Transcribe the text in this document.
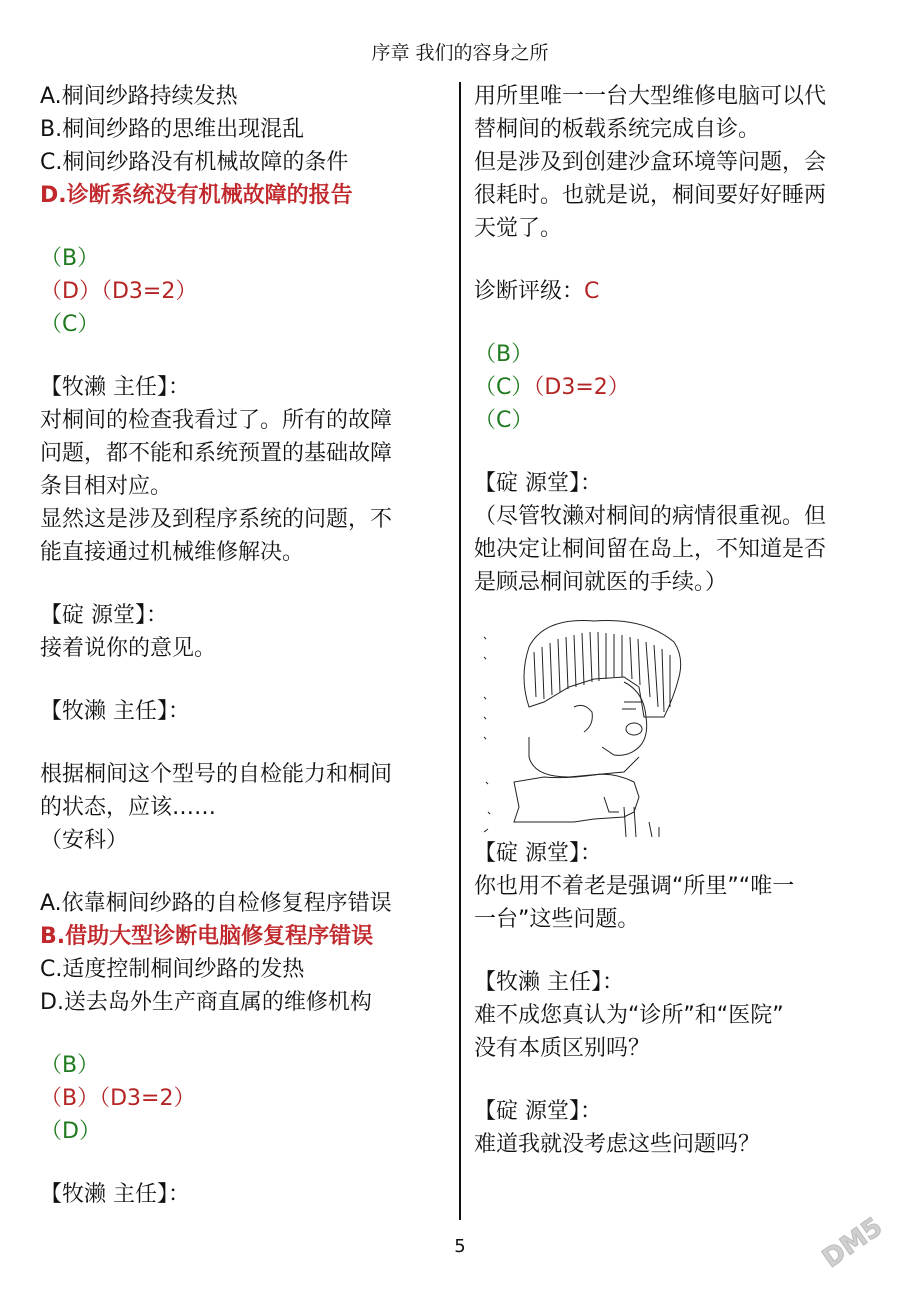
序章 我们的容身之所
A.桐间纱路持续发热
B.桐间纱路的思维出现混乱
C.桐间纱路没有机械故障的条件
D.诊断系统没有机械故障的报告
（B）
（D）（D3=2）
（C）
【牧濑 主任】：
对桐间的检查我看过了。所有的故障
问题，都不能和系统预置的基础故障
条目相对应。
显然这是涉及到程序系统的问题，不
能直接通过机械维修解决。
【碇 源堂】：
接着说你的意见。
【牧濑 主任】：
根据桐间这个型号的自检能力和桐间
的状态，应该……
（安科）
A.依靠桐间纱路的自检修复程序错误
B.借助大型诊断电脑修复程序错误
C.适度控制桐间纱路的发热
D.送去岛外生产商直属的维修机构
（B）
（B）（D3=2）
（D）
【牧濑 主任】：
用所里唯一一台大型维修电脑可以代
替桐间的板载系统完成自诊。
但是涉及到创建沙盒环境等问题，会
很耗时。也就是说，桐间要好好睡两
天觉了。
诊断评级：C
（B）
（C）（D3=2）
（C）
【碇 源堂】：
（尽管牧濑对桐间的病情很重视。但
她决定让桐间留在岛上，不知道是否
是顾忌桐间就医的手续。）
【碇 源堂】：
你也用不着老是强调“所里”“唯一
一台”这些问题。
【牧濑 主任】：
难不成您真认为“诊所”和“医院”
没有本质区别吗？
【碇 源堂】：
难道我就没考虑这些问题吗？
5	DM5
